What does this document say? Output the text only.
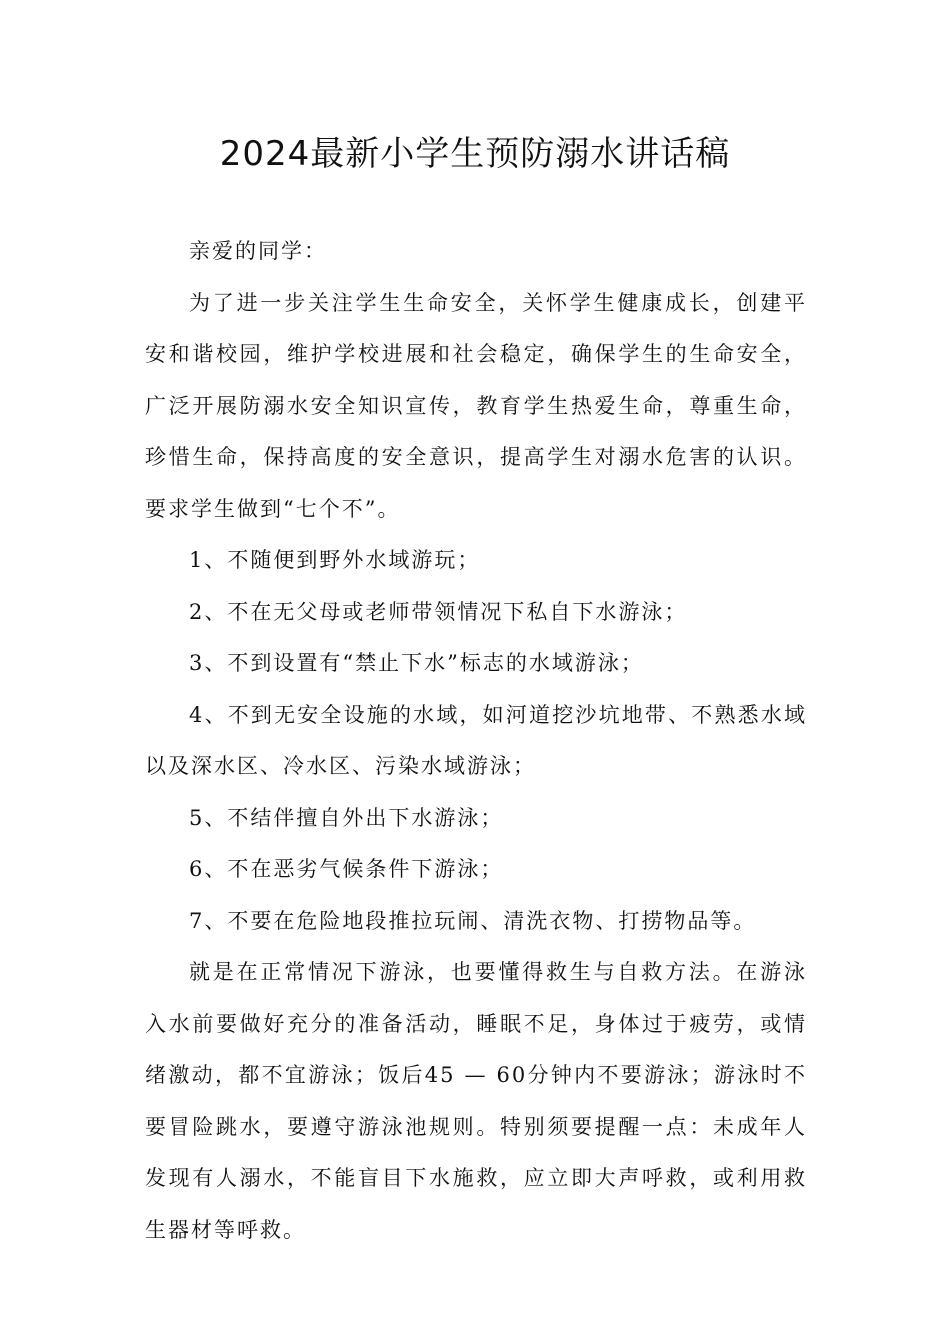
2024最新小学生预防溺水讲话稿

亲爱的同学：

为了进一步关注学生生命安全，关怀学生健康成长，创建平安和谐校园，维护学校进展和社会稳定，确保学生的生命安全，广泛开展防溺水安全知识宣传，教育学生热爱生命，尊重生命，珍惜生命，保持高度的安全意识，提高学生对溺水危害的认识。要求学生做到“七个不”。

1、不随便到野外水域游玩；

2、不在无父母或老师带领情况下私自下水游泳；

3、不到设置有“禁止下水”标志的水域游泳；

4、不到无安全设施的水域，如河道挖沙坑地带、不熟悉水域以及深水区、冷水区、污染水域游泳；

5、不结伴擅自外出下水游泳；

6、不在恶劣气候条件下游泳；

7、不要在危险地段推拉玩闹、清洗衣物、打捞物品等。

就是在正常情况下游泳，也要懂得救生与自救方法。在游泳入水前要做好充分的准备活动，睡眠不足，身体过于疲劳，或情绪激动，都不宜游泳；饭后45 — 60分钟内不要游泳；游泳时不要冒险跳水，要遵守游泳池规则。特别须要提醒一点：未成年人发现有人溺水，不能盲目下水施救，应立即大声呼救，或利用救生器材等呼救。
